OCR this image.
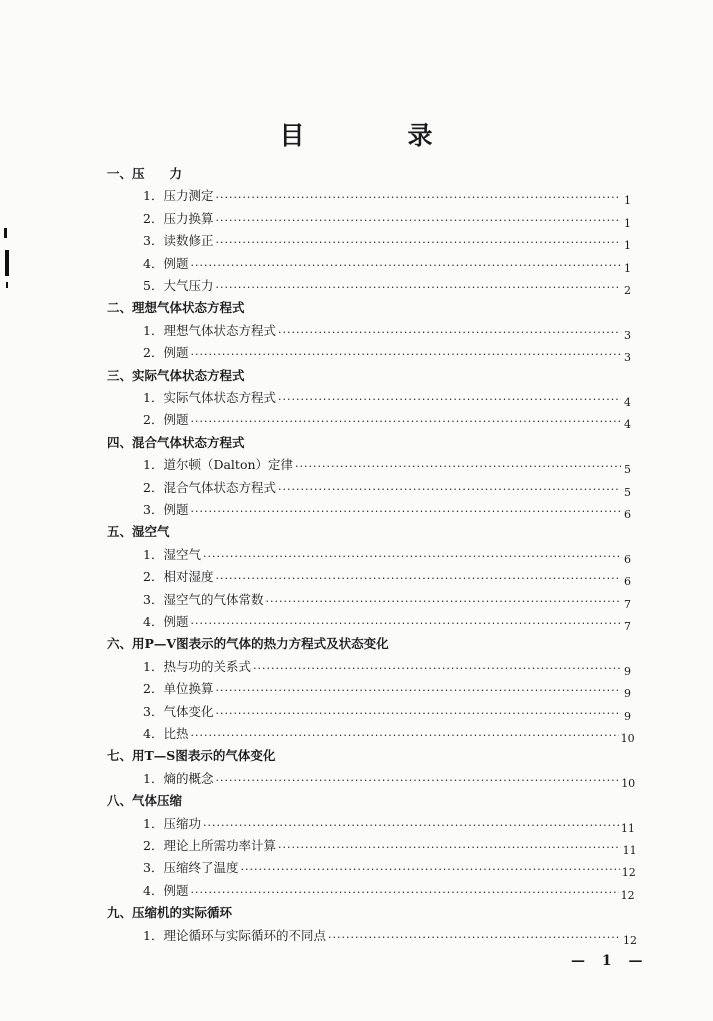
目	录
一、压　　力
1．压力测定 ·····	1
2．压力换算 ·····	1
3．读数修正 ·····	1
4．例题 ·····	1
5．大气压力 ·····	2
二、理想气体状态方程式
1．理想气体状态方程式 ·····	3
2．例题 ·····	3
三、实际气体状态方程式
1．实际气体状态方程式 ·····	4
2．例题 ·····	4
四、混合气体状态方程式
1．道尔顿（Dalton）定律 ·····	5
2．混合气体状态方程式 ·····	5
3．例题 ·····	6
五、湿空气
1．湿空气 ·····	6
2．相对湿度 ·····	6
3．湿空气的气体常数 ·····	7
4．例题 ·····	7
六、用P—V图表示的气体的热力方程式及状态变化
1．热与功的关系式 ·····	9
2．单位换算 ·····	9
3．气体变化 ·····	9
4．比热 ·····	10
七、用T—S图表示的气体变化
1．熵的概念 ·····	10
八、气体压缩
1．压缩功 ·····	11
2．理论上所需功率计算 ·····	11
3．压缩终了温度 ·····	12
4．例题 ·····	12
九、压缩机的实际循环
1．理论循环与实际循环的不同点 ·····	12
— 1 —
